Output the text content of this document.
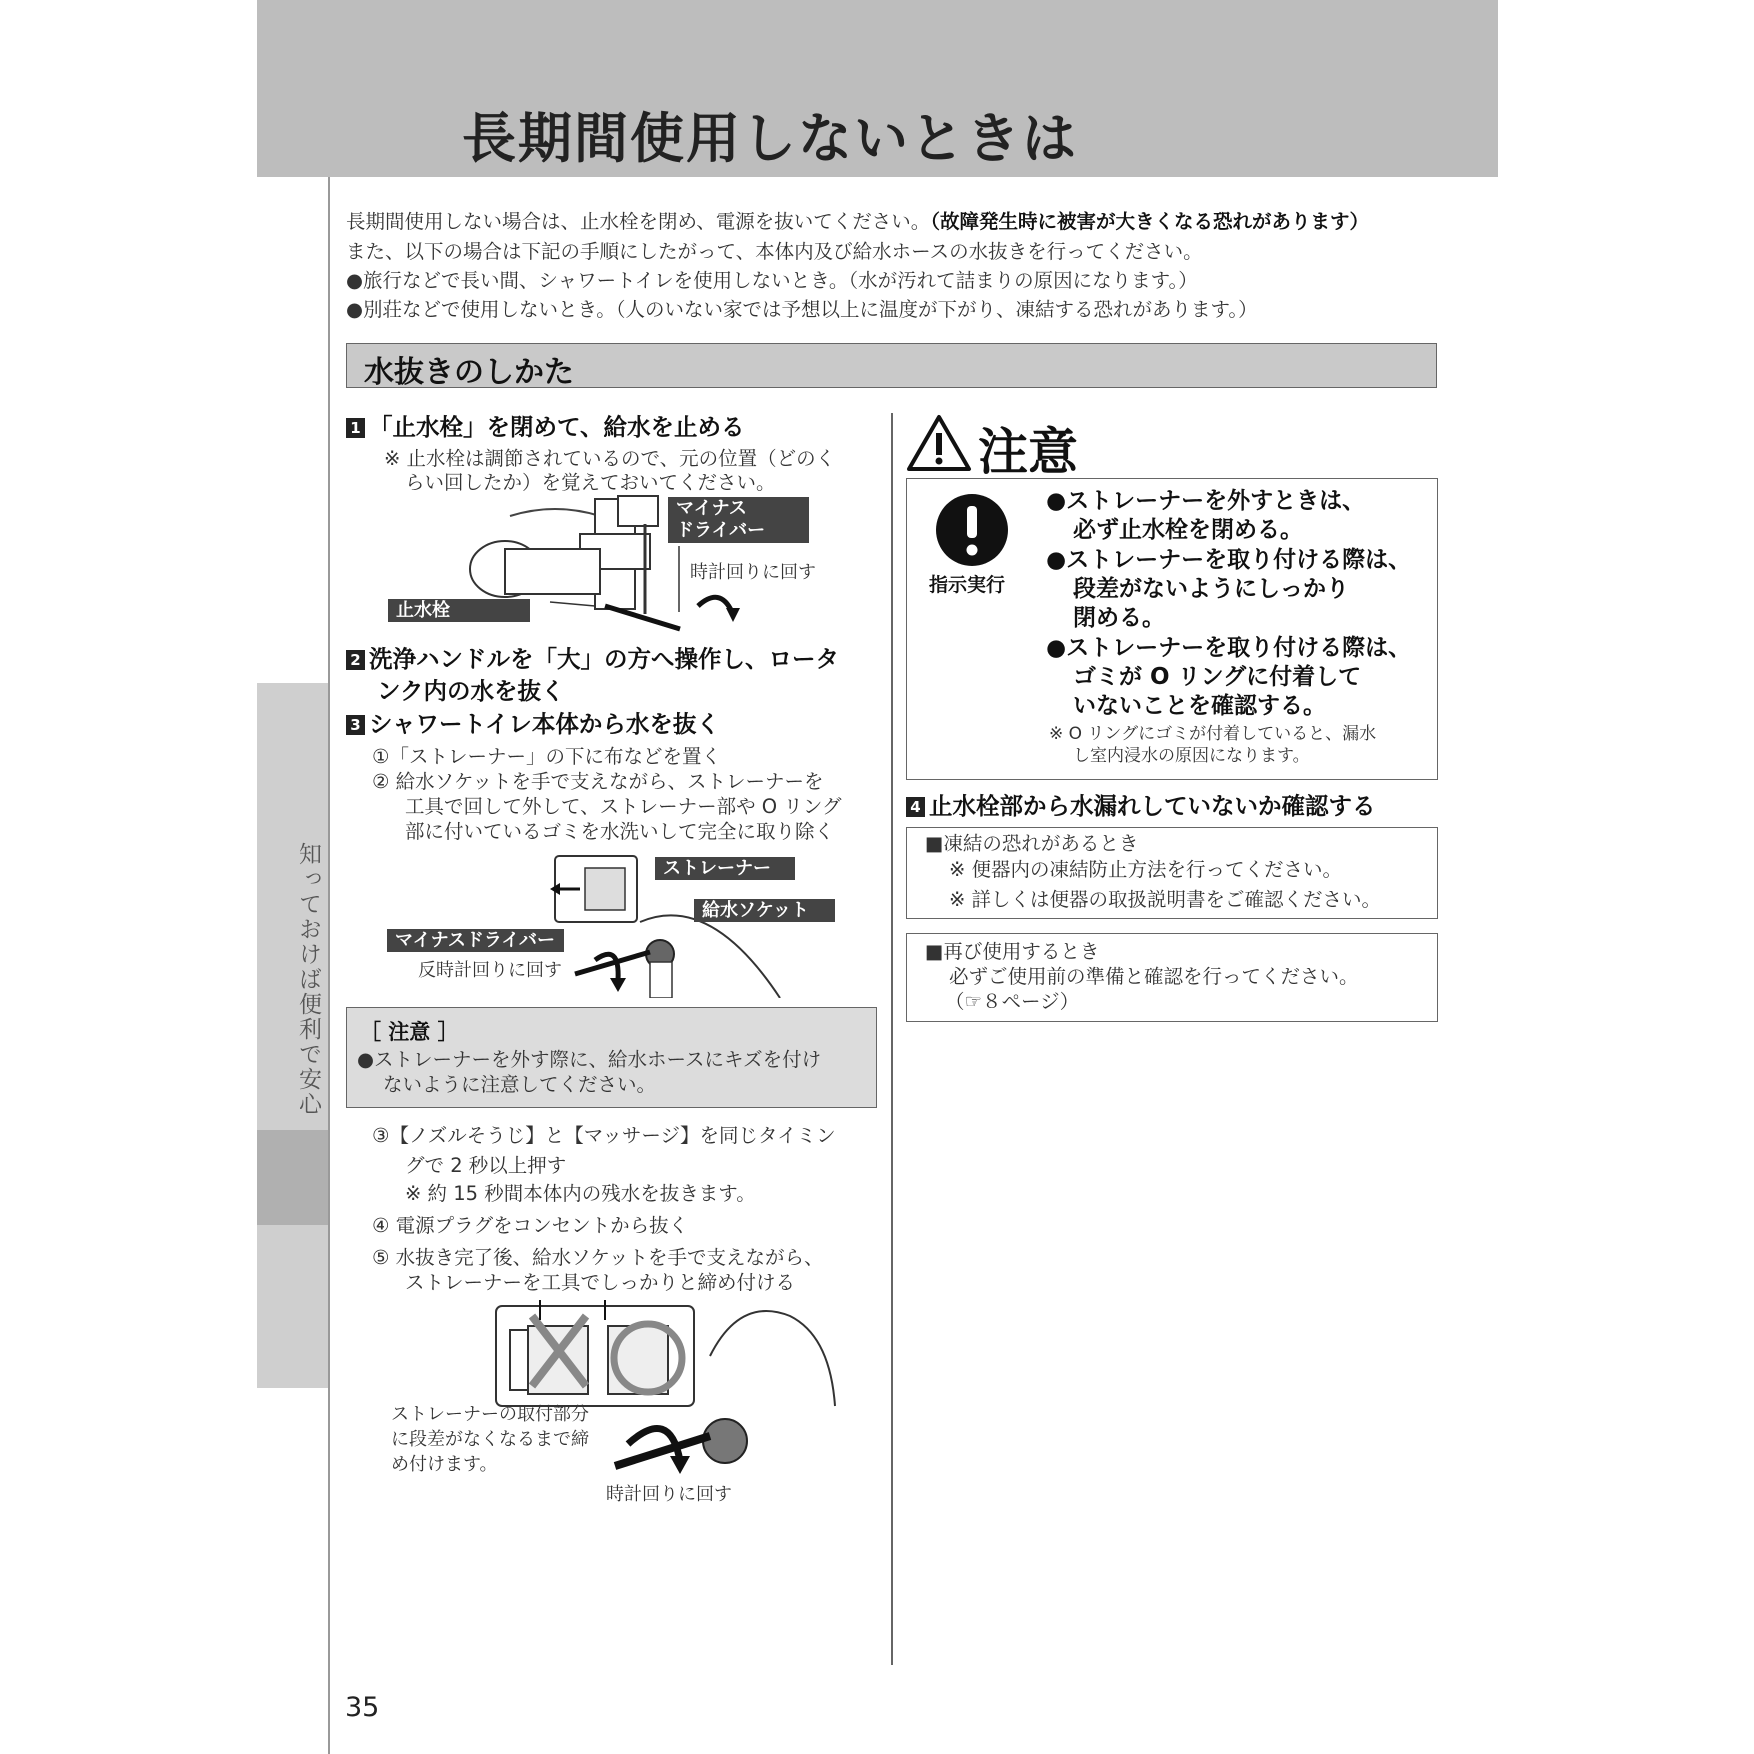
長期間使用しないときは
知っておけば便利で安心
長期間使用しない場合は、止水栓を閉め、電源を抜いてください。（故障発生時に被害が大きくなる恐れがあります）
また、以下の場合は下記の手順にしたがって、本体内及び給水ホースの水抜きを行ってください。
●旅行などで長い間、シャワートイレを使用しないとき。（水が汚れて詰まりの原因になります。）
●別荘などで使用しないとき。（人のいない家では予想以上に温度が下がり、凍結する恐れがあります。）
水抜きのしかた
1 「止水栓」を閉めて、給水を止める
※ 止水栓は調節されているので、元の位置（どのく
らい回したか）を覚えておいてください。
マイナス
ドライバー
時計回りに回す
止水栓
2 洗浄ハンドルを「大」の方へ操作し、ロータ
ンク内の水を抜く
3 シャワートイレ本体から水を抜く
①「ストレーナー」の下に布などを置く
② 給水ソケットを手で支えながら、ストレーナーを
工具で回して外して、ストレーナー部や O リング
部に付いているゴミを水洗いして完全に取り除く
ストレーナー
給水ソケット
マイナスドライバー
反時計回りに回す
［ 注意 ］
●ストレーナーを外す際に、給水ホースにキズを付け
ないように注意してください。
③【ノズルそうじ】と【マッサージ】を同じタイミン
グで 2 秒以上押す
※ 約 15 秒間本体内の残水を抜きます。
④ 電源プラグをコンセントから抜く
⑤ 水抜き完了後、給水ソケットを手で支えながら、
ストレーナーを工具でしっかりと締め付ける
ストレーナーの取付部分
に段差がなくなるまで締
め付けます。
時計回りに回す
注意
指示実行
●ストレーナーを外すときは、
必ず止水栓を閉める。
●ストレーナーを取り付ける際は、
段差がないようにしっかり
閉める。
●ストレーナーを取り付ける際は、
ゴミが O リングに付着して
いないことを確認する。
※ O リングにゴミが付着していると、漏水
し室内浸水の原因になります。
4 止水栓部から水漏れしていないか確認する
■凍結の恐れがあるとき
※ 便器内の凍結防止方法を行ってください。
※ 詳しくは便器の取扱説明書をご確認ください。
■再び使用するとき
必ずご使用前の準備と確認を行ってください。
（☞８ページ）
35
